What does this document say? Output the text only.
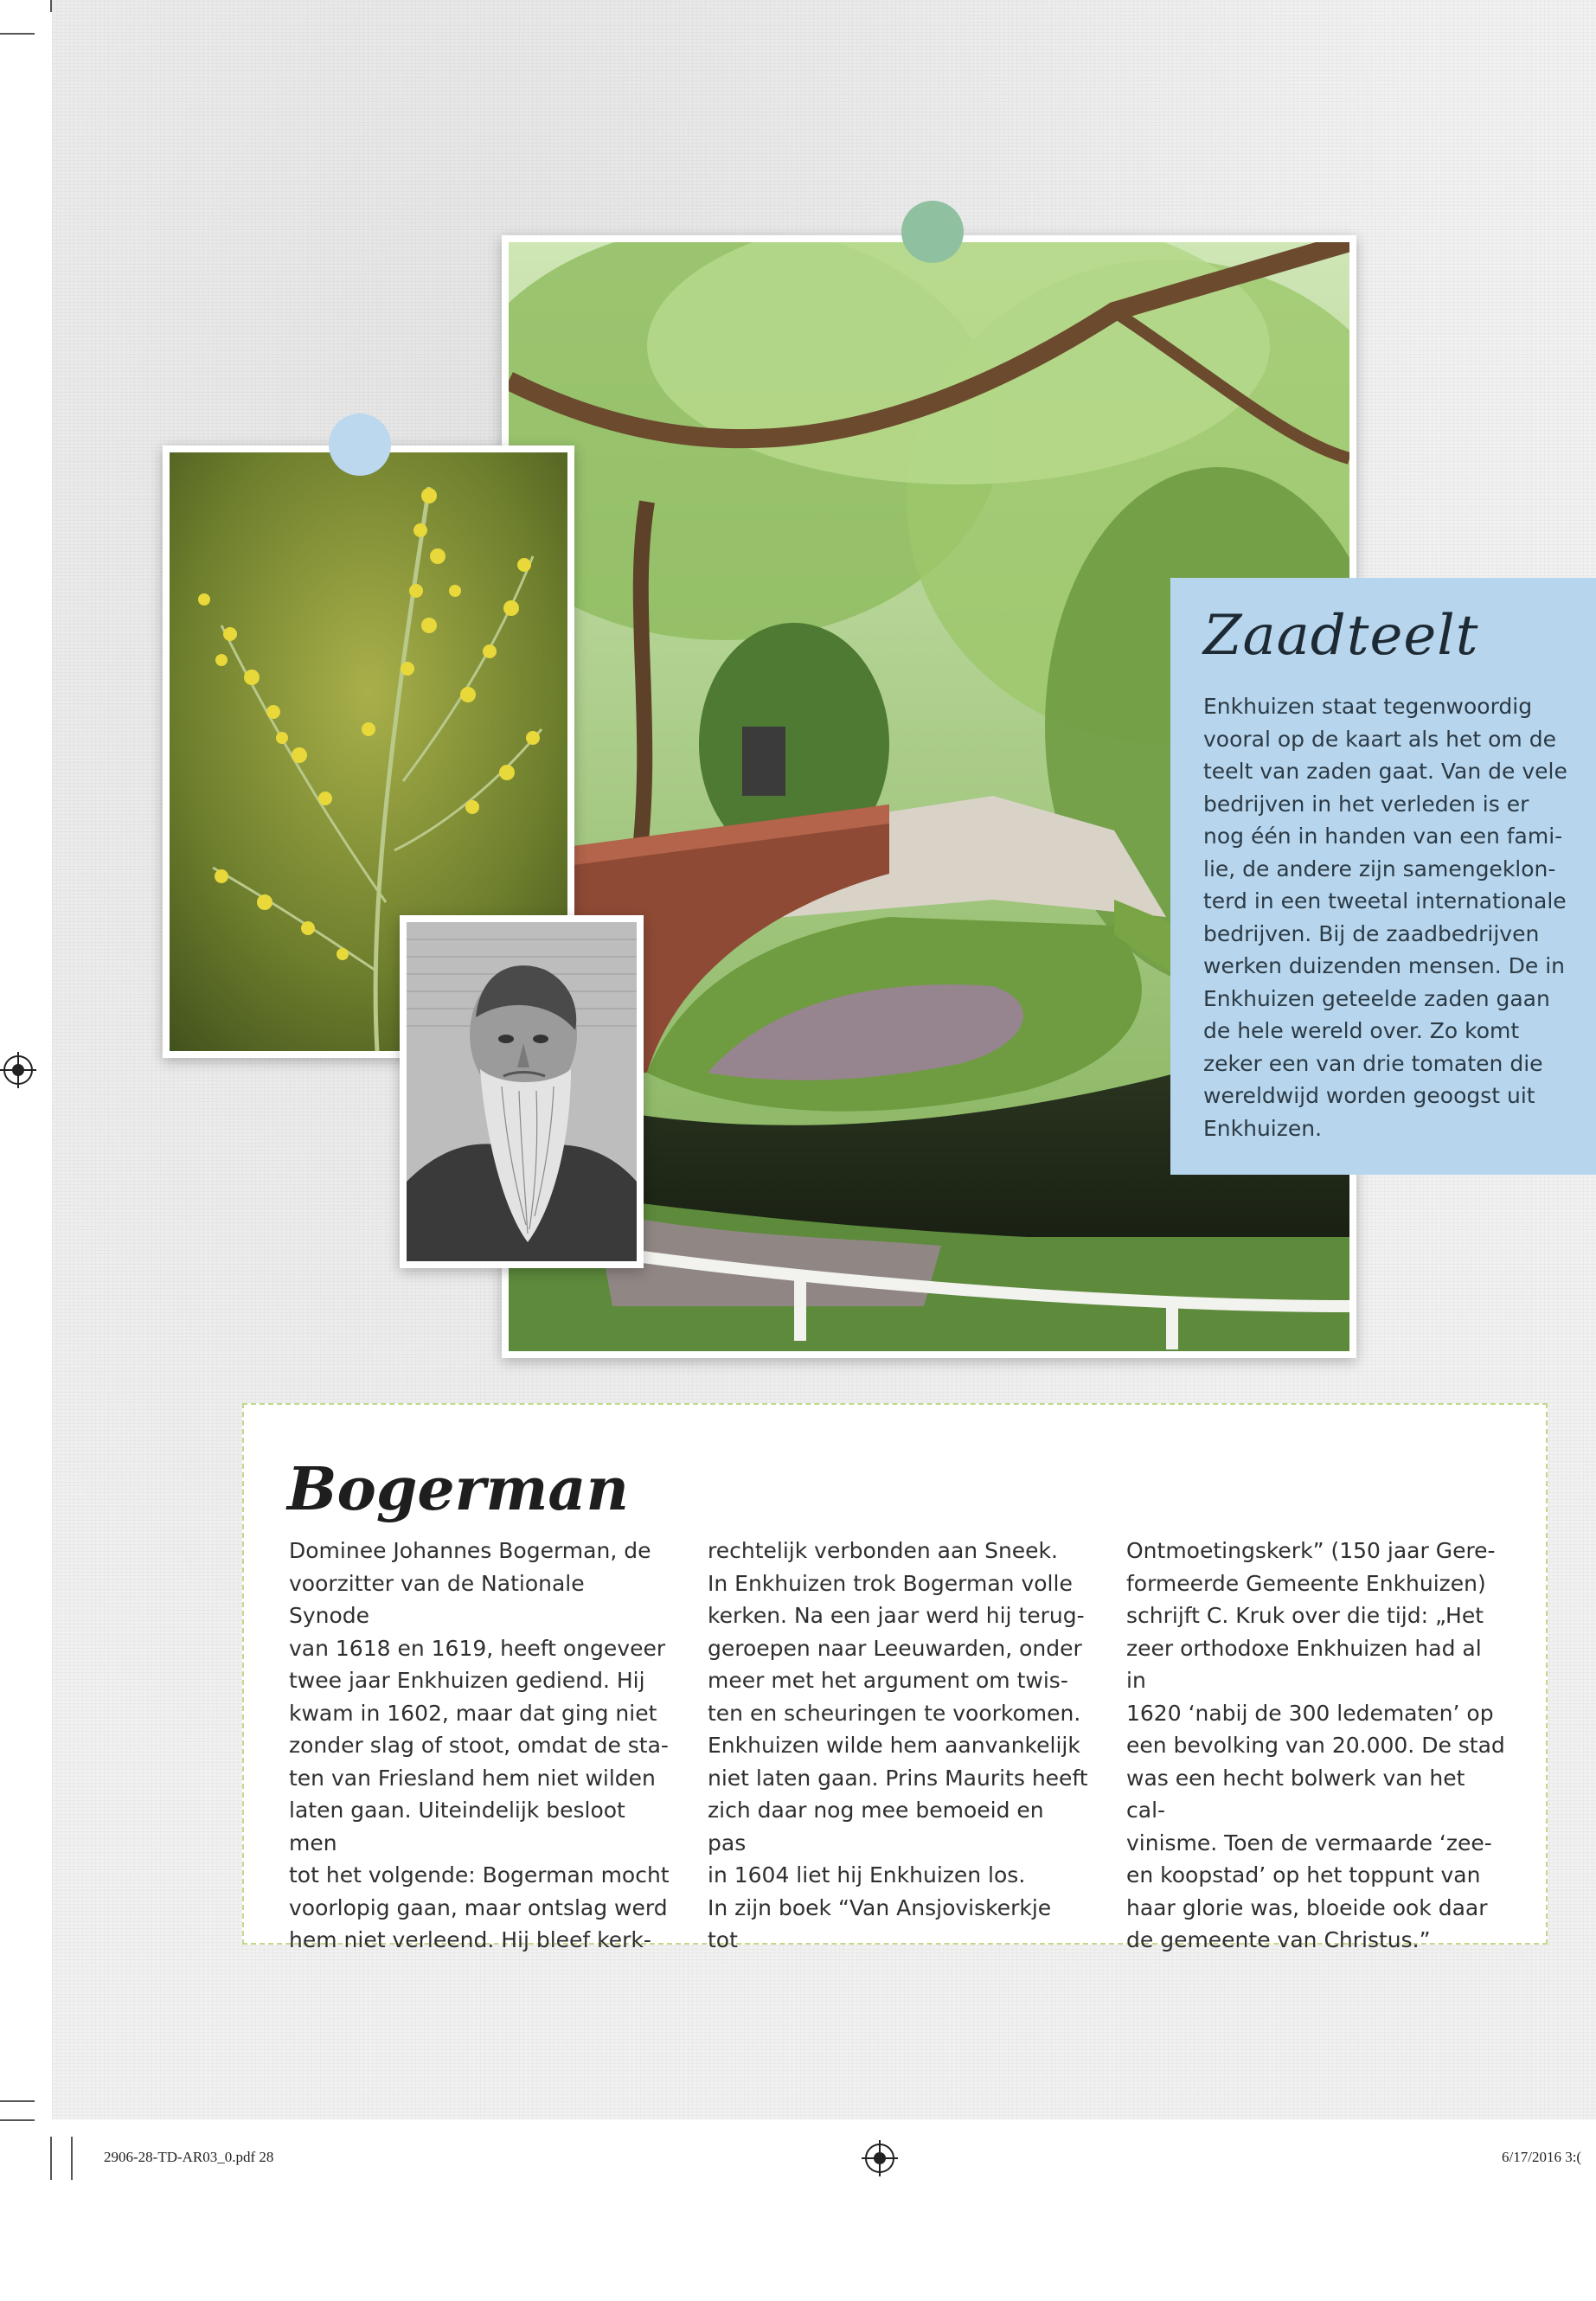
Zaadteelt
Enkhuizen staat tegenwoordig
vooral op de kaart als het om de
teelt van zaden gaat. Van de vele
bedrijven in het verleden is er
nog één in handen van een fami-
lie, de andere zijn samengeklon-
terd in een tweetal internationale
bedrijven. Bij de zaadbedrijven
werken duizenden mensen. De in
Enkhuizen geteelde zaden gaan
de hele wereld over. Zo komt
zeker een van drie tomaten die
wereldwijd worden geoogst uit
Enkhuizen.
Bogerman
Dominee Johannes Bogerman, de
voorzitter van de Nationale Synode
van 1618 en 1619, heeft ongeveer
twee jaar Enkhuizen gediend. Hij
kwam in 1602, maar dat ging niet
zonder slag of stoot, omdat de sta-
ten van Friesland hem niet wilden
laten gaan. Uiteindelijk besloot men
tot het volgende: Bogerman mocht
voorlopig gaan, maar ontslag werd
hem niet verleend. Hij bleef kerk-
rechtelijk verbonden aan Sneek.
In Enkhuizen trok Bogerman volle
kerken. Na een jaar werd hij terug-
geroepen naar Leeuwarden, onder
meer met het argument om twis-
ten en scheuringen te voorkomen.
Enkhuizen wilde hem aanvankelijk
niet laten gaan. Prins Maurits heeft
zich daar nog mee bemoeid en pas
in 1604 liet hij Enkhuizen los.
In zijn boek “Van Ansjoviskerkje tot
Ontmoetingskerk” (150 jaar Gere-
formeerde Gemeente Enkhuizen)
schrijft C. Kruk over die tijd: „Het
zeer orthodoxe Enkhuizen had al in
1620 ‘nabij de 300 ledematen’ op
een bevolking van 20.000. De stad
was een hecht bolwerk van het cal-
vinisme. Toen de vermaarde ‘zee-
en koopstad’ op het toppunt van
haar glorie was, bloeide ook daar
de gemeente van Christus.”
2906-28-TD-AR03_0.pdf 28	6/17/2016 3:(
